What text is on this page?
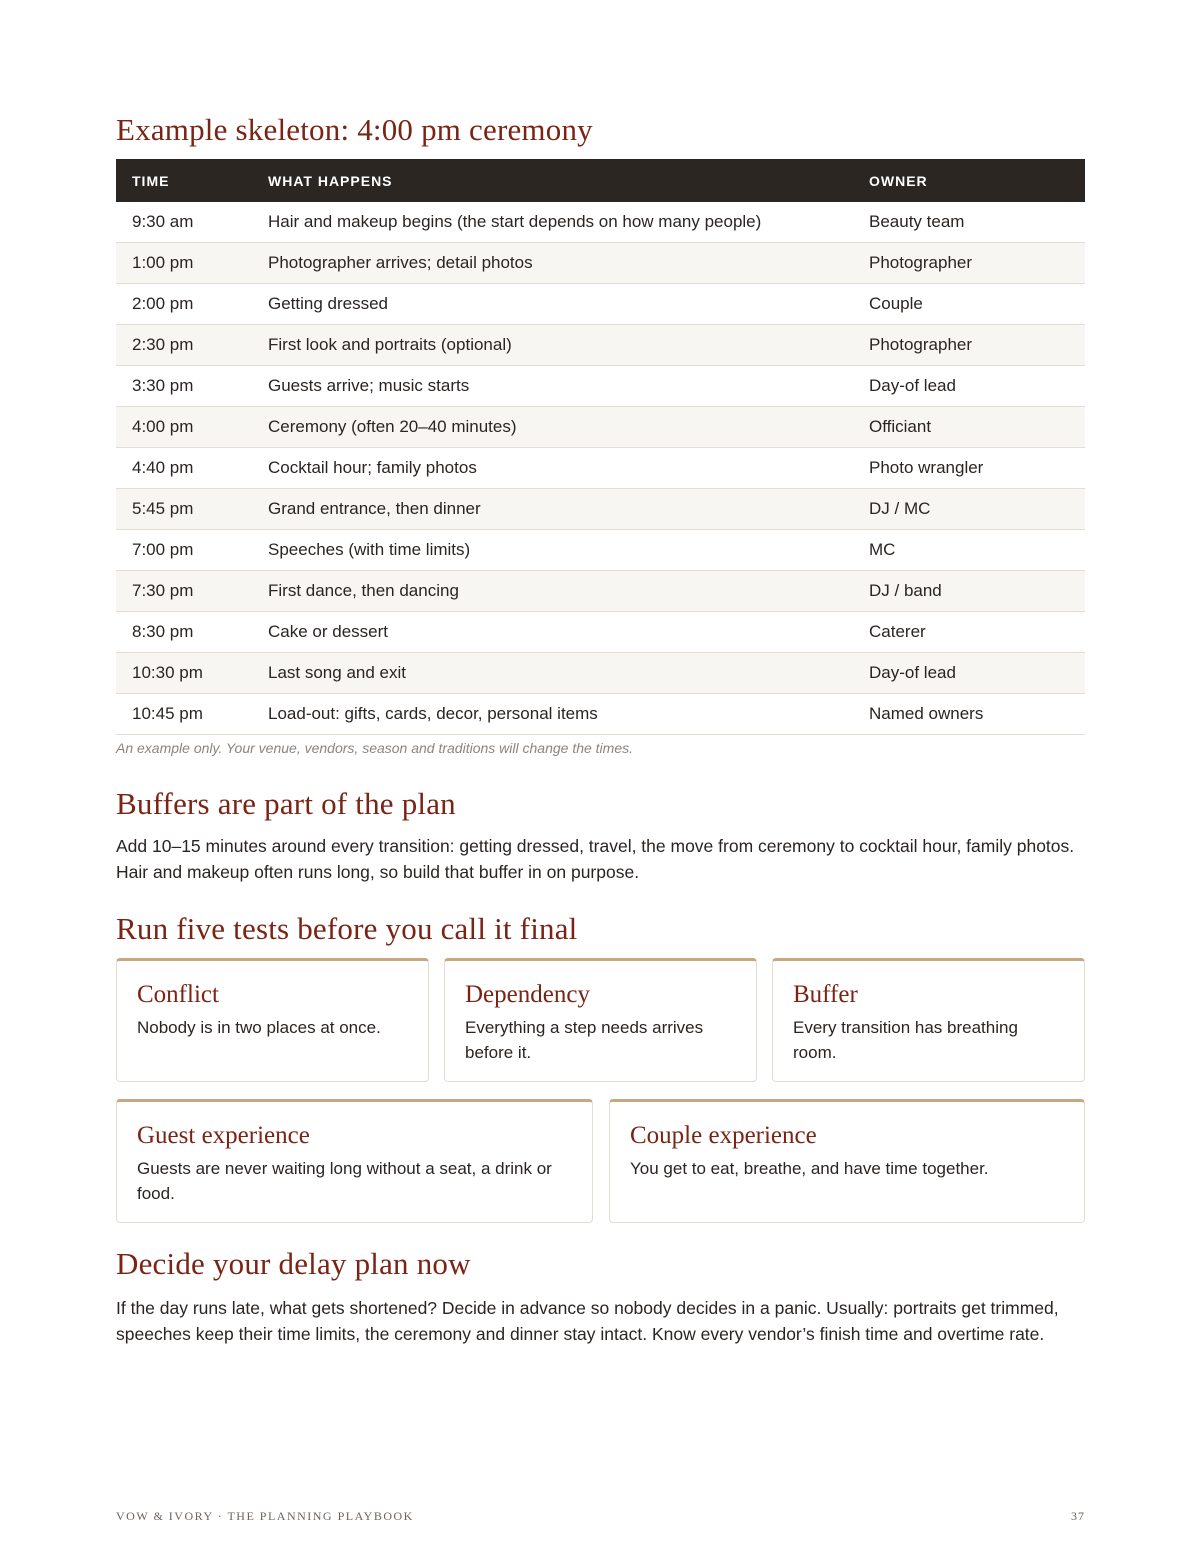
Example skeleton: 4:00 pm ceremony
TIME	WHAT HAPPENS	OWNER
9:30 am	Hair and makeup begins (the start depends on how many people)	Beauty team
1:00 pm	Photographer arrives; detail photos	Photographer
2:00 pm	Getting dressed	Couple
2:30 pm	First look and portraits (optional)	Photographer
3:30 pm	Guests arrive; music starts	Day-of lead
4:00 pm	Ceremony (often 20–40 minutes)	Officiant
4:40 pm	Cocktail hour; family photos	Photo wrangler
5:45 pm	Grand entrance, then dinner	DJ / MC
7:00 pm	Speeches (with time limits)	MC
7:30 pm	First dance, then dancing	DJ / band
8:30 pm	Cake or dessert	Caterer
10:30 pm	Last song and exit	Day-of lead
10:45 pm	Load-out: gifts, cards, decor, personal items	Named owners
An example only. Your venue, vendors, season and traditions will change the times.
Buffers are part of the plan

Add 10–15 minutes around every transition: getting dressed, travel, the move from ceremony to cocktail hour, family photos. Hair and makeup often runs long, so build that buffer in on purpose.

Run five tests before you call it final
Conflict

Nobody is in two places at once.

Dependency

Everything a step needs arrives before it.

Buffer

Every transition has breathing room.

Guest experience

Guests are never waiting long without a seat, a drink or food.

Couple experience

You get to eat, breathe, and have time together.

Decide your delay plan now

If the day runs late, what gets shortened? Decide in advance so nobody decides in a panic. Usually: portraits get trimmed, speeches keep their time limits, the ceremony and dinner stay intact. Know every vendor’s finish time and overtime rate.

VOW & IVORY · THE PLANNING PLAYBOOK	37
